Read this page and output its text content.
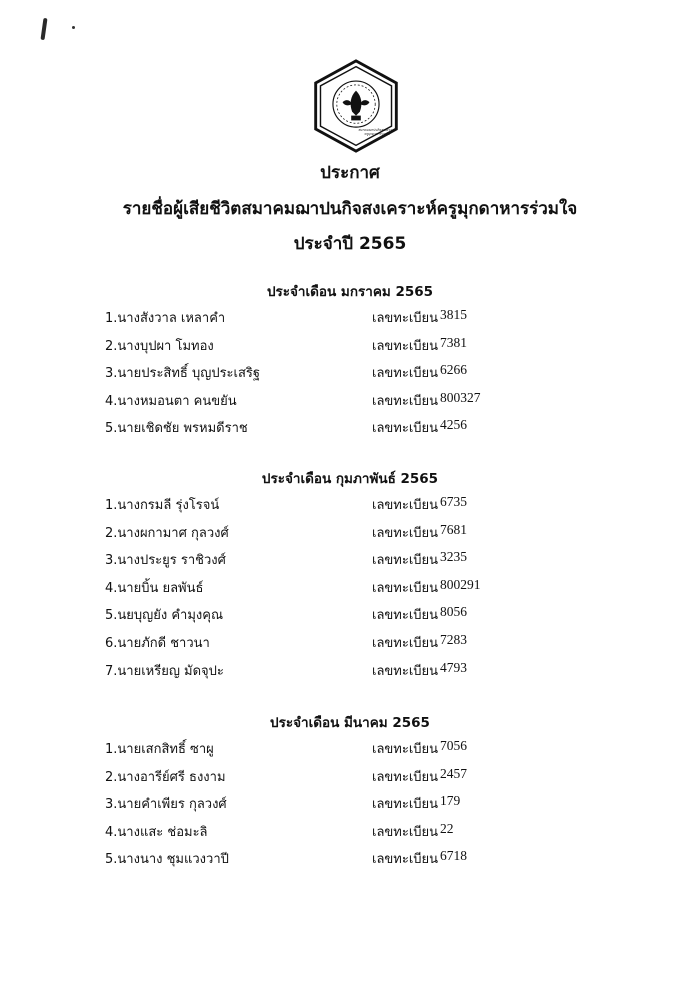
สมาคมฌาปนกิจสงเคราะห์
ครูมุกดาหารร่วมใจ
ประกาศ
รายชื่อผู้เสียชีวิตสมาคมฌาปนกิจสงเคราะห์ครูมุกดาหารร่วมใจ
ประจำปี 2565
ประจำเดือน มกราคม 2565
1.นางสังวาล เหลาคำ	เลขทะเบียน 3815
2.นางบุปผา โมทอง	เลขทะเบียน 7381
3.นายประสิทธิ์ บุญประเสริฐ	เลขทะเบียน 6266
4.นางหมอนตา คนขยัน	เลขทะเบียน 800327
5.นายเชิดชัย พรหมดีราช	เลขทะเบียน 4256
ประจำเดือน กุมภาพันธ์ 2565
1.นางกรมลี รุ่งโรจน์	เลขทะเบียน 6735
2.นางผกามาศ กุลวงศ์	เลขทะเบียน 7681
3.นางประยูร ราชิวงศ์	เลขทะเบียน 3235
4.นายบิ้น ยลพันธ์	เลขทะเบียน 800291
5.นยบุญยัง คำมุงคุณ	เลขทะเบียน 8056
6.นายภักดี ชาวนา	เลขทะเบียน 7283
7.นายเหรียญ มัดจุปะ	เลขทะเบียน 4793
ประจำเดือน มีนาคม 2565
1.นายเสกสิทธิ์ ซาผู	เลขทะเบียน 7056
2.นางอารีย์ศรี ธงงาม	เลขทะเบียน 2457
3.นายคำเพียร กุลวงศ์	เลขทะเบียน 179
4.นางแสะ ช่อมะลิ	เลขทะเบียน 22
5.นางนาง ชุมแวงวาปี	เลขทะเบียน 6718
